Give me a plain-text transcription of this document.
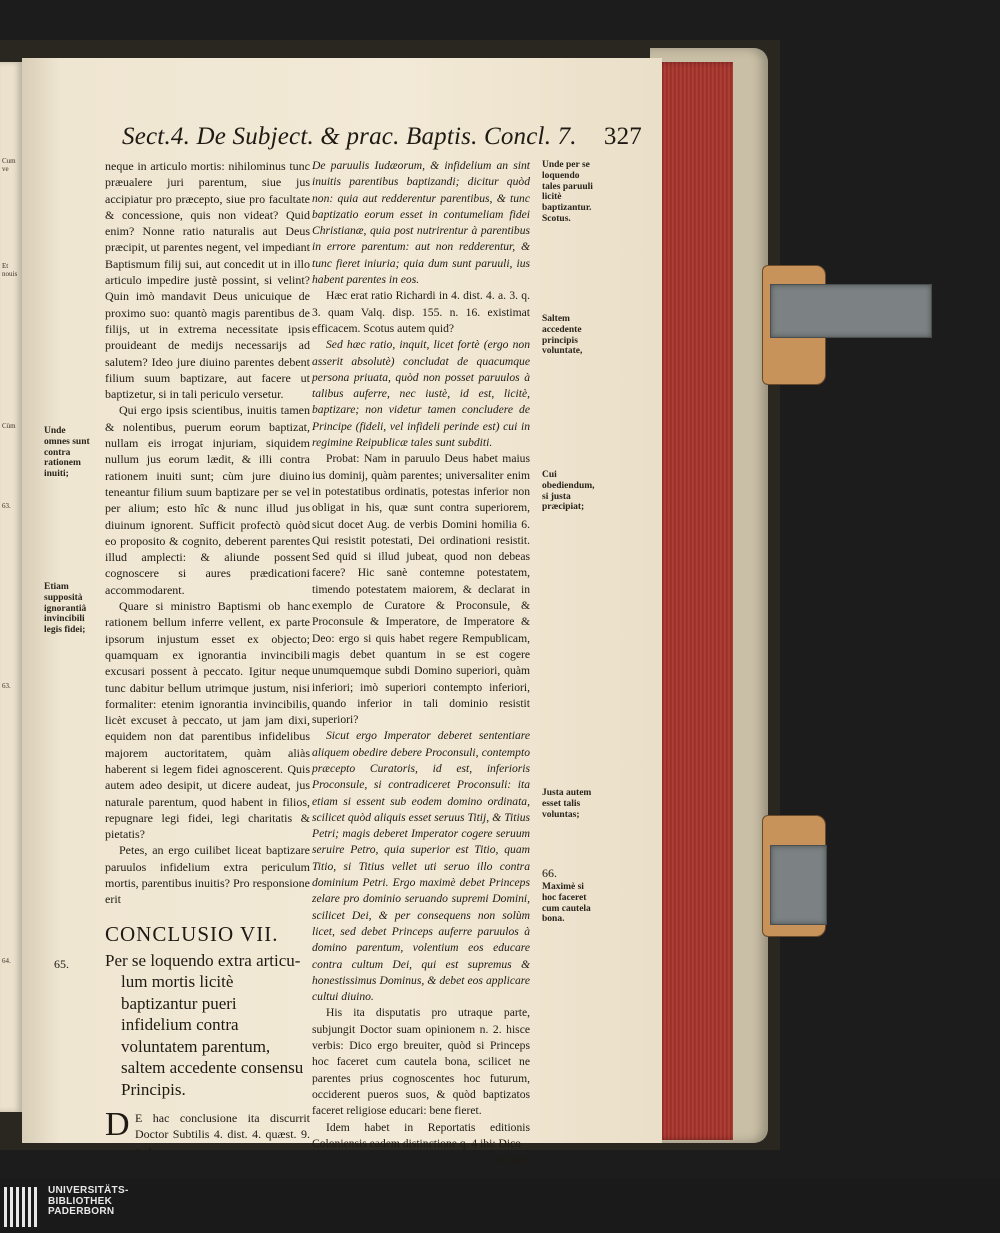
Cum ve
Et nouis
Cùm
63.
63.
64.
Sect.4. De Subject. & prac. Baptis. Concl. 7. 327

neque in articulo mortis: nihilominus tunc præualere juri parentum, siue jus accipiatur pro præcepto, siue pro facultate & concessione, quis non videat? Quid enim? Nonne ratio naturalis aut Deus præcipit, ut parentes negent, vel impediant Baptismum filij sui, aut concedit ut in illo articulo impedire justè possint, si velint? Quin imò mandavit Deus unicuique de proximo suo: quantò magis parentibus de filijs, ut in extrema necessitate ipsis prouideant de medijs necessarijs ad salutem? Ideo jure diuino parentes debent filium suum baptizare, aut facere ut baptizetur, si in tali periculo versetur.

Qui ergo ipsis scientibus, inuitis tamen & nolentibus, puerum eorum baptizat, nullam eis irrogat injuriam, siquidem nullum jus eorum lædit, & illi contra rationem inuiti sunt; cùm jure diuino teneantur filium suum baptizare per se vel per alium; esto hîc & nunc illud jus diuinum ignorent. Sufficit profectò quòd eo proposito & cognito, deberent parentes illud amplecti: & aliunde possent cognoscere si aures prædicationi accommodarent.

Quare si ministro Baptismi ob hanc rationem bellum inferre vellent, ex parte ipsorum injustum esset ex objecto; quamquam ex ignorantia invincibili excusari possent à peccato. Igitur neque tunc dabitur bellum utrimque justum, nisi formaliter: etenim ignorantia invincibilis, licèt excuset à peccato, ut jam jam dixi, equidem non dat parentibus infidelibus majorem auctoritatem, quàm aliàs haberent si legem fidei agnoscerent. Quis autem adeo desipit, ut dicere audeat, jus naturale parentum, quod habent in filios, repugnare legi fidei, legi charitatis & pietatis?

Petes, an ergo cuilibet liceat baptizare paruulos infidelium extra periculum mortis, parentibus inuitis? Pro responsione erit

CONCLUSIO VII.
Per se loquendo extra articu-
lum mortis licitè baptizantur pueri infidelium contra voluntatem parentum, saltem accedente consensu Principis.
D E hac conclusione ita discurrit Doctor Subtilis 4. dist. 4. quæst. 9. n. 1.

De paruulis Iudæorum, & infidelium an sint inuitis parentibus baptizandi; dicitur quòd non: quia aut redderentur parentibus, & tunc baptizatio eorum esset in contumeliam fidei Christianæ, quia post nutrirentur à parentibus in errore parentum: aut non redderentur, & tunc fieret iniuria; quia dum sunt paruuli, ius habent parentes in eos.

Hæc erat ratio Richardi in 4. dist. 4. a. 3. q. 3. quam Valq. disp. 155. n. 16. existimat efficacem. Scotus autem quid?

Sed hæc ratio, inquit, licet fortè (ergo non asserit absolutè) concludat de quacumque persona priuata, quòd non posset paruulos à talibus auferre, nec iustè, id est, licitè, baptizare; non videtur tamen concludere de Principe (fideli, vel infideli perinde est) cui in regimine Reipublicæ tales sunt subditi.

Probat: Nam in paruulo Deus habet maius ius dominij, quàm parentes; universaliter enim in potestatibus ordinatis, potestas inferior non obligat in his, quæ sunt contra superiorem, sicut docet Aug. de verbis Domini homilia 6. Qui resistit potestati, Dei ordinationi resistit. Sed quid si illud jubeat, quod non debeas facere? Hic sanè contemne potestatem, timendo potestatem maiorem, & declarat in exemplo de Curatore & Proconsule, & Proconsule & Imperatore, de Imperatore & Deo: ergo si quis habet regere Rempublicam, magis debet quantum in se est cogere unumquemque subdi Domino superiori, quàm inferiori; imò superiori contempto inferiori, quando inferior in tali dominio resistit superiori?

Sicut ergo Imperator deberet sententiare aliquem obedire debere Proconsuli, contempto præcepto Curatoris, id est, inferioris Proconsule, si contradiceret Proconsuli: ita etiam si essent sub eodem domino ordinata, scilicet quòd aliquis esset seruus Titij, & Titius Petri; magis deberet Imperator cogere seruum seruire Petro, quia superior est Titio, quam Titio, si Titius vellet uti seruo illo contra dominium Petri. Ergo maximè debet Princeps zelare pro dominio seruando supremi Domini, scilicet Dei, & per consequens non solùm licet, sed debet Princeps auferre paruulos à domino parentum, volentium eos educare contra cultum Dei, qui est supremus & honestissimus Dominus, & debet eos applicare cultui diuino.

His ita disputatis pro utraque parte, subjungit Doctor suam opinionem n. 2. hisce verbis: Dico ergo breuiter, quòd si Princeps hoc faceret cum cautela bona, scilicet ne parentes prius cognoscentes hoc futurum, occiderent pueros suos, & quòd baptizatos faceret religiose educari: bene fieret.

Idem habet in Reportatis editionis Coloniensis eadem distinctione q. 4 ibi: Dico

ad qua-

65.
Unde omnes sunt contra rationem inuiti;
Etiam supposità ignorantiâ invincibili legis fidei;
Unde per se loquendo tales paruuli licitè baptizantur. Scotus.
Saltem accedente principis voluntate,
Cui obediendum, si justa præcipiat;
Justa autem esset talis voluntas;
66.
Maximè si hoc faceret cum cautela bona.
UNIVERSITÄTS-
BIBLIOTHEK
PADERBORN
